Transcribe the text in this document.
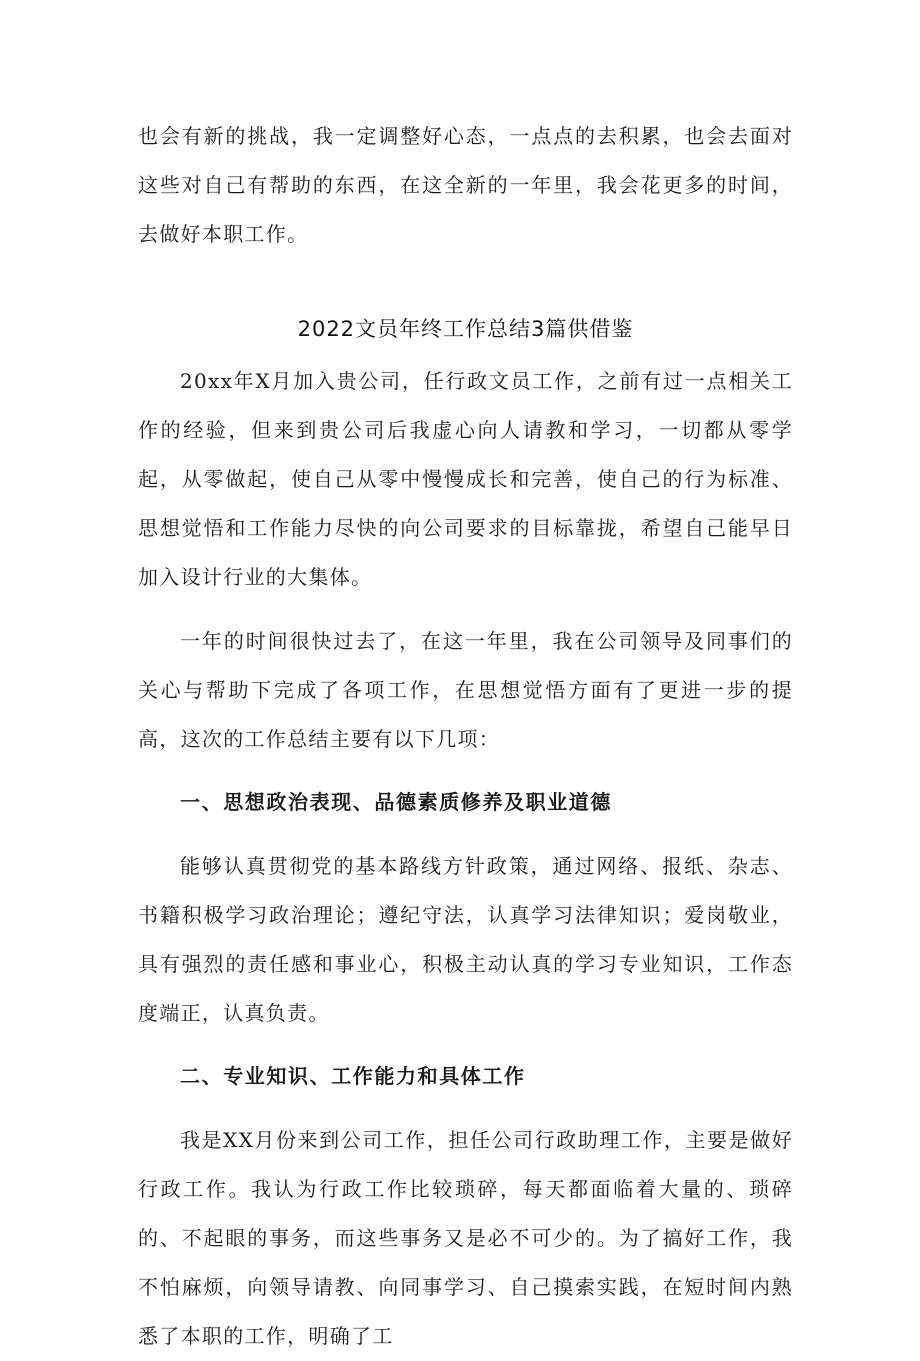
也会有新的挑战，我一定调整好心态，一点点的去积累，也会去面对这些对自己有帮助的东西，在这全新的一年里，我会花更多的时间，去做好本职工作。

2022文员年终工作总结3篇供借鉴

20xx年X月加入贵公司，任行政文员工作，之前有过一点相关工作的经验，但来到贵公司后我虚心向人请教和学习，一切都从零学起，从零做起，使自己从零中慢慢成长和完善，使自己的行为标准、思想觉悟和工作能力尽快的向公司要求的目标靠拢，希望自己能早日加入设计行业的大集体。

一年的时间很快过去了，在这一年里，我在公司领导及同事们的关心与帮助下完成了各项工作，在思想觉悟方面有了更进一步的提高，这次的工作总结主要有以下几项：

一、思想政治表现、品德素质修养及职业道德

能够认真贯彻党的基本路线方针政策，通过网络、报纸、杂志、书籍积极学习政治理论；遵纪守法，认真学习法律知识；爱岗敬业，具有强烈的责任感和事业心，积极主动认真的学习专业知识，工作态度端正，认真负责。

二、专业知识、工作能力和具体工作

我是XX月份来到公司工作，担任公司行政助理工作，主要是做好行政工作。我认为行政工作比较琐碎，每天都面临着大量的、琐碎的、不起眼的事务，而这些事务又是必不可少的。为了搞好工作，我不怕麻烦，向领导请教、向同事学习、自己摸索实践，在短时间内熟悉了本职的工作，明确了工
